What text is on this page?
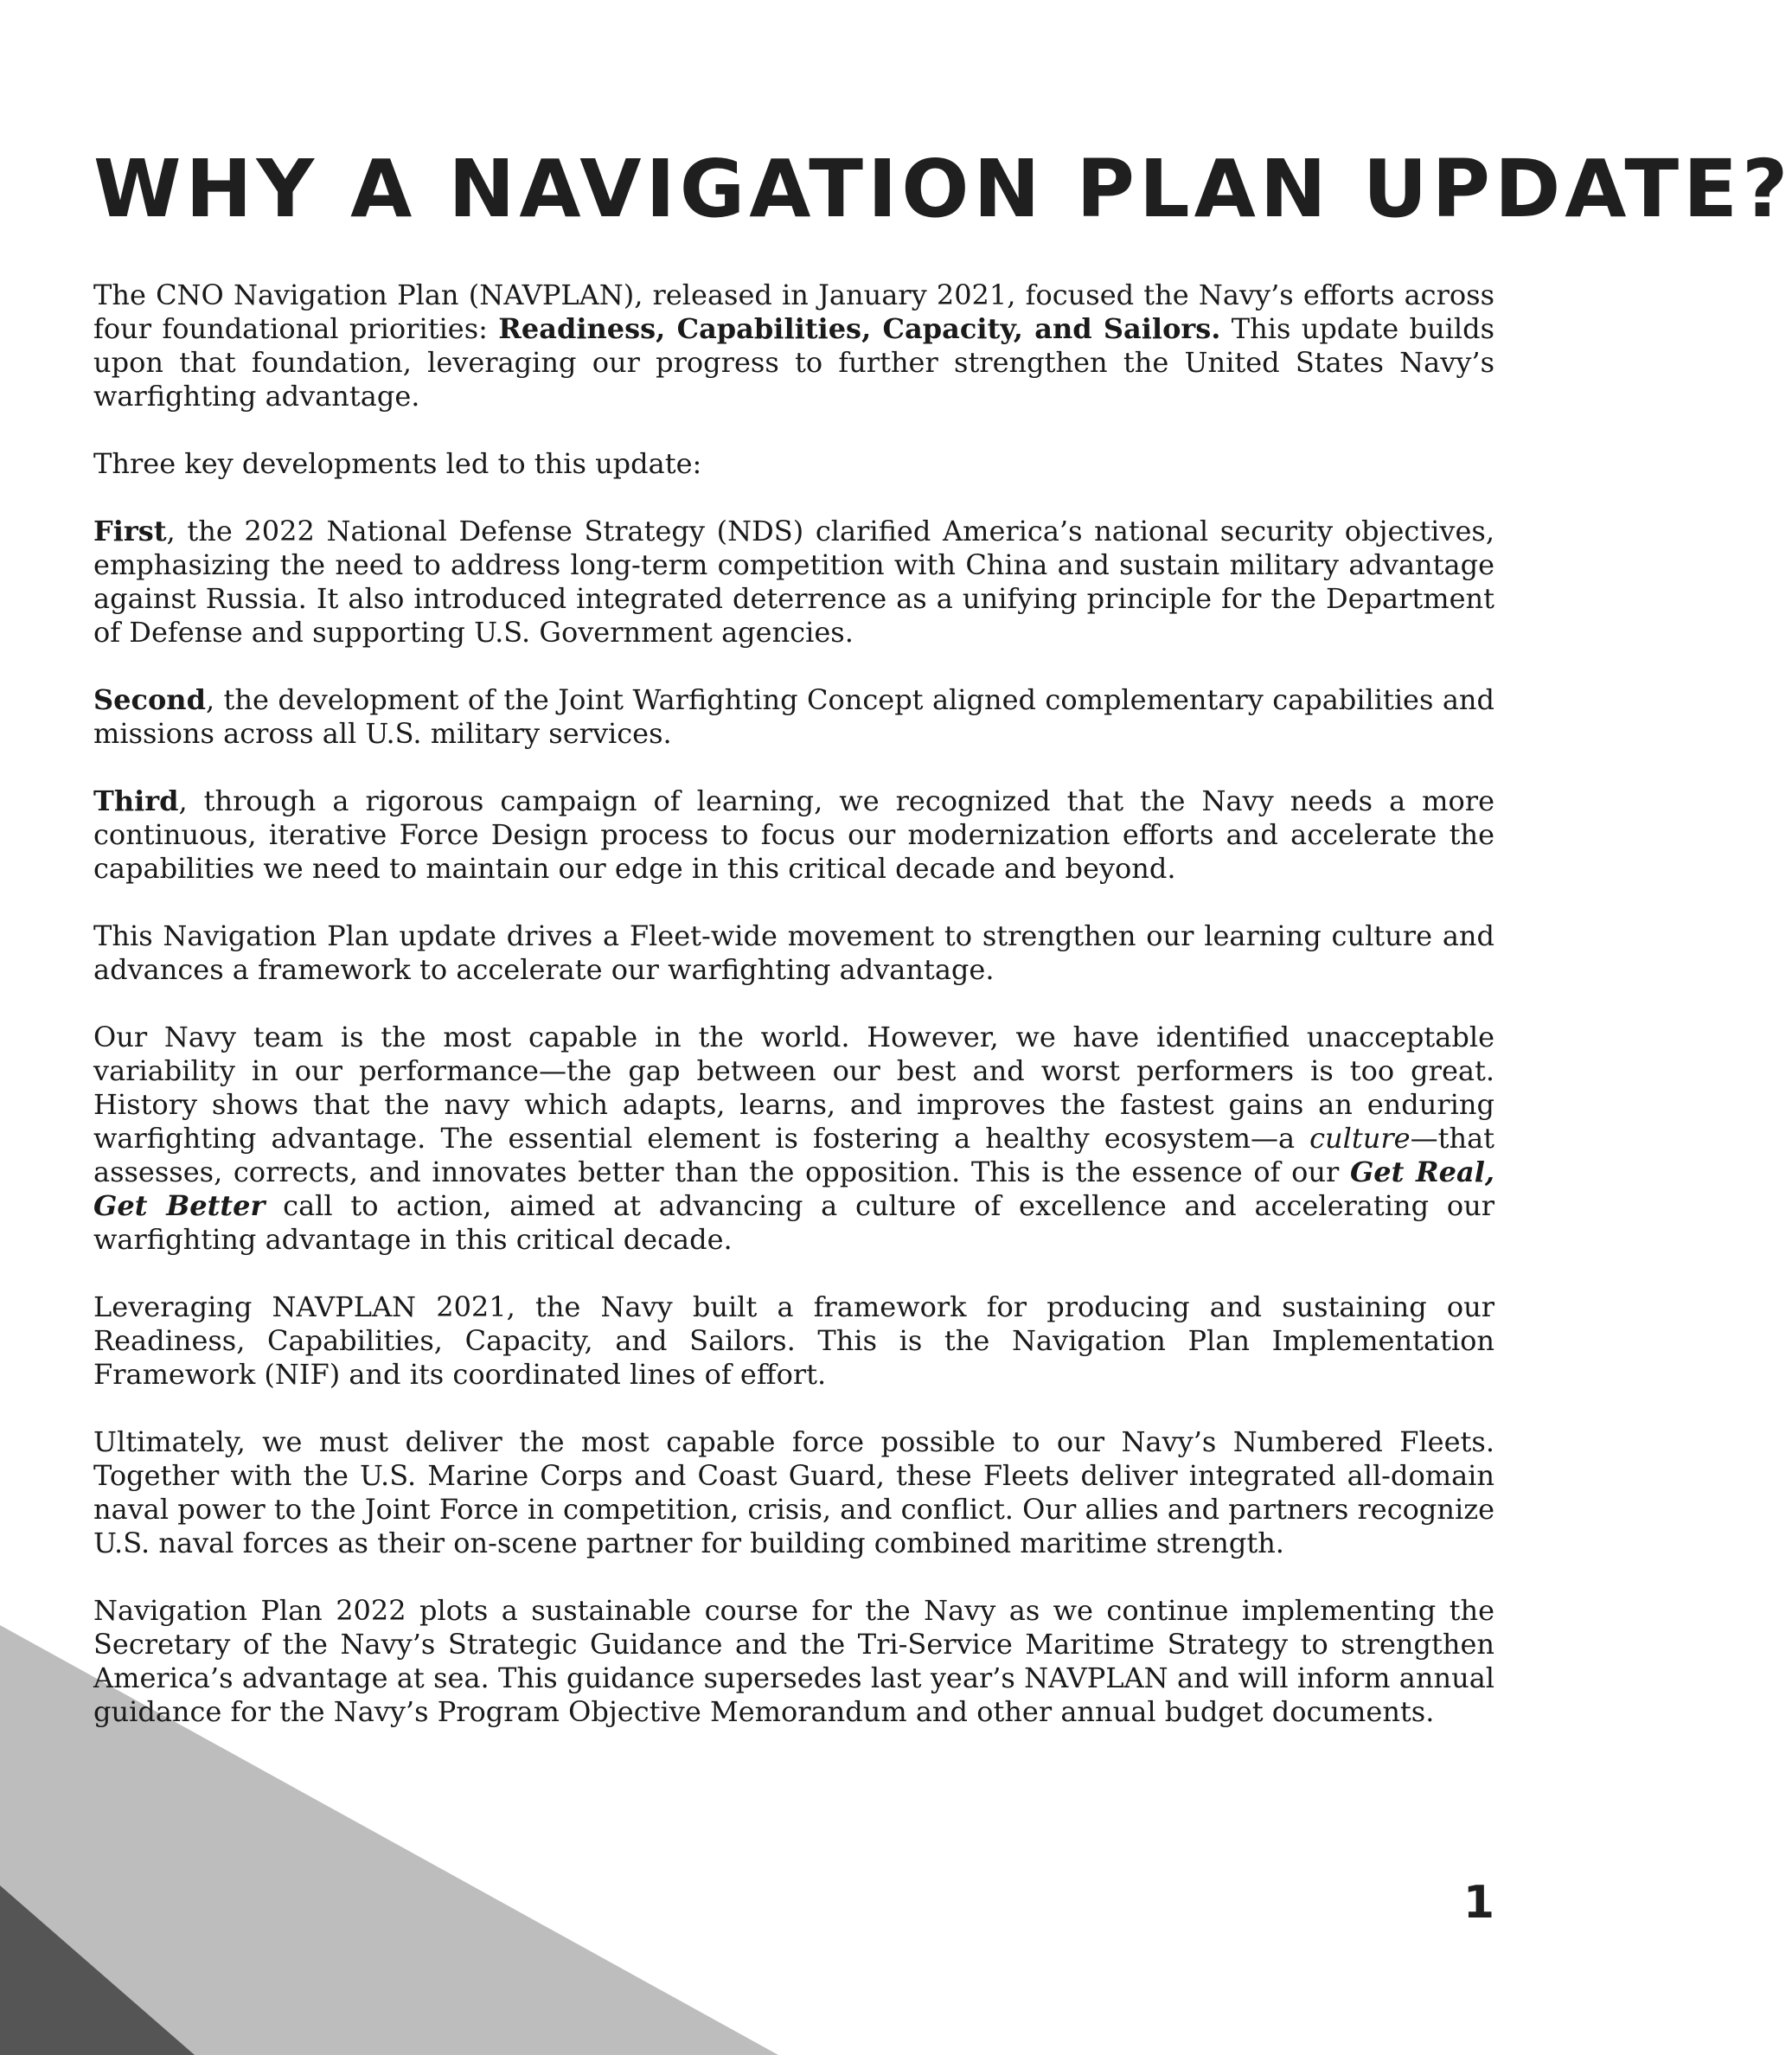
WHY A NAVIGATION PLAN UPDATE?

The CNO Navigation Plan (NAVPLAN), released in January 2021, focused the Navy’s efforts across four foundational priorities: Readiness, Capabilities, Capacity, and Sailors. This update builds upon that foundation, leveraging our progress to further strengthen the United States Navy’s warfighting advantage.

Three key developments led to this update:

First, the 2022 National Defense Strategy (NDS) clarified America’s national security objectives, emphasizing the need to address long-term competition with China and sustain military advantage against Russia. It also introduced integrated deterrence as a unifying principle for the Department of Defense and supporting U.S. Government agencies.

Second, the development of the Joint Warfighting Concept aligned complementary capabilities and missions across all U.S. military services.

Third, through a rigorous campaign of learning, we recognized that the Navy needs a more continuous, iterative Force Design process to focus our modernization efforts and accelerate the capabilities we need to maintain our edge in this critical decade and beyond.

This Navigation Plan update drives a Fleet-wide movement to strengthen our learning culture and advances a framework to accelerate our warfighting advantage.

Our Navy team is the most capable in the world. However, we have identified unacceptable variability in our performance—the gap between our best and worst performers is too great. History shows that the navy which adapts, learns, and improves the fastest gains an enduring warfighting advantage. The essential element is fostering a healthy ecosystem—a culture—that assesses, corrects, and innovates better than the opposition. This is the essence of our Get Real, Get Better call to action, aimed at advancing a culture of excellence and accelerating our warfighting advantage in this critical decade.

Leveraging NAVPLAN 2021, the Navy built a framework for producing and sustaining our Readiness, Capabilities, Capacity, and Sailors. This is the Navigation Plan Implementation Framework (NIF) and its coordinated lines of effort.

Ultimately, we must deliver the most capable force possible to our Navy’s Numbered Fleets. Together with the U.S. Marine Corps and Coast Guard, these Fleets deliver integrated all-domain naval power to the Joint Force in competition, crisis, and conflict. Our allies and partners recognize U.S. naval forces as their on-scene partner for building combined maritime strength.

Navigation Plan 2022 plots a sustainable course for the Navy as we continue implementing the Secretary of the Navy’s Strategic Guidance and the Tri-Service Maritime Strategy to strengthen America’s advantage at sea. This guidance supersedes last year’s NAVPLAN and will inform annual guidance for the Navy’s Program Objective Memorandum and other annual budget documents.

1
